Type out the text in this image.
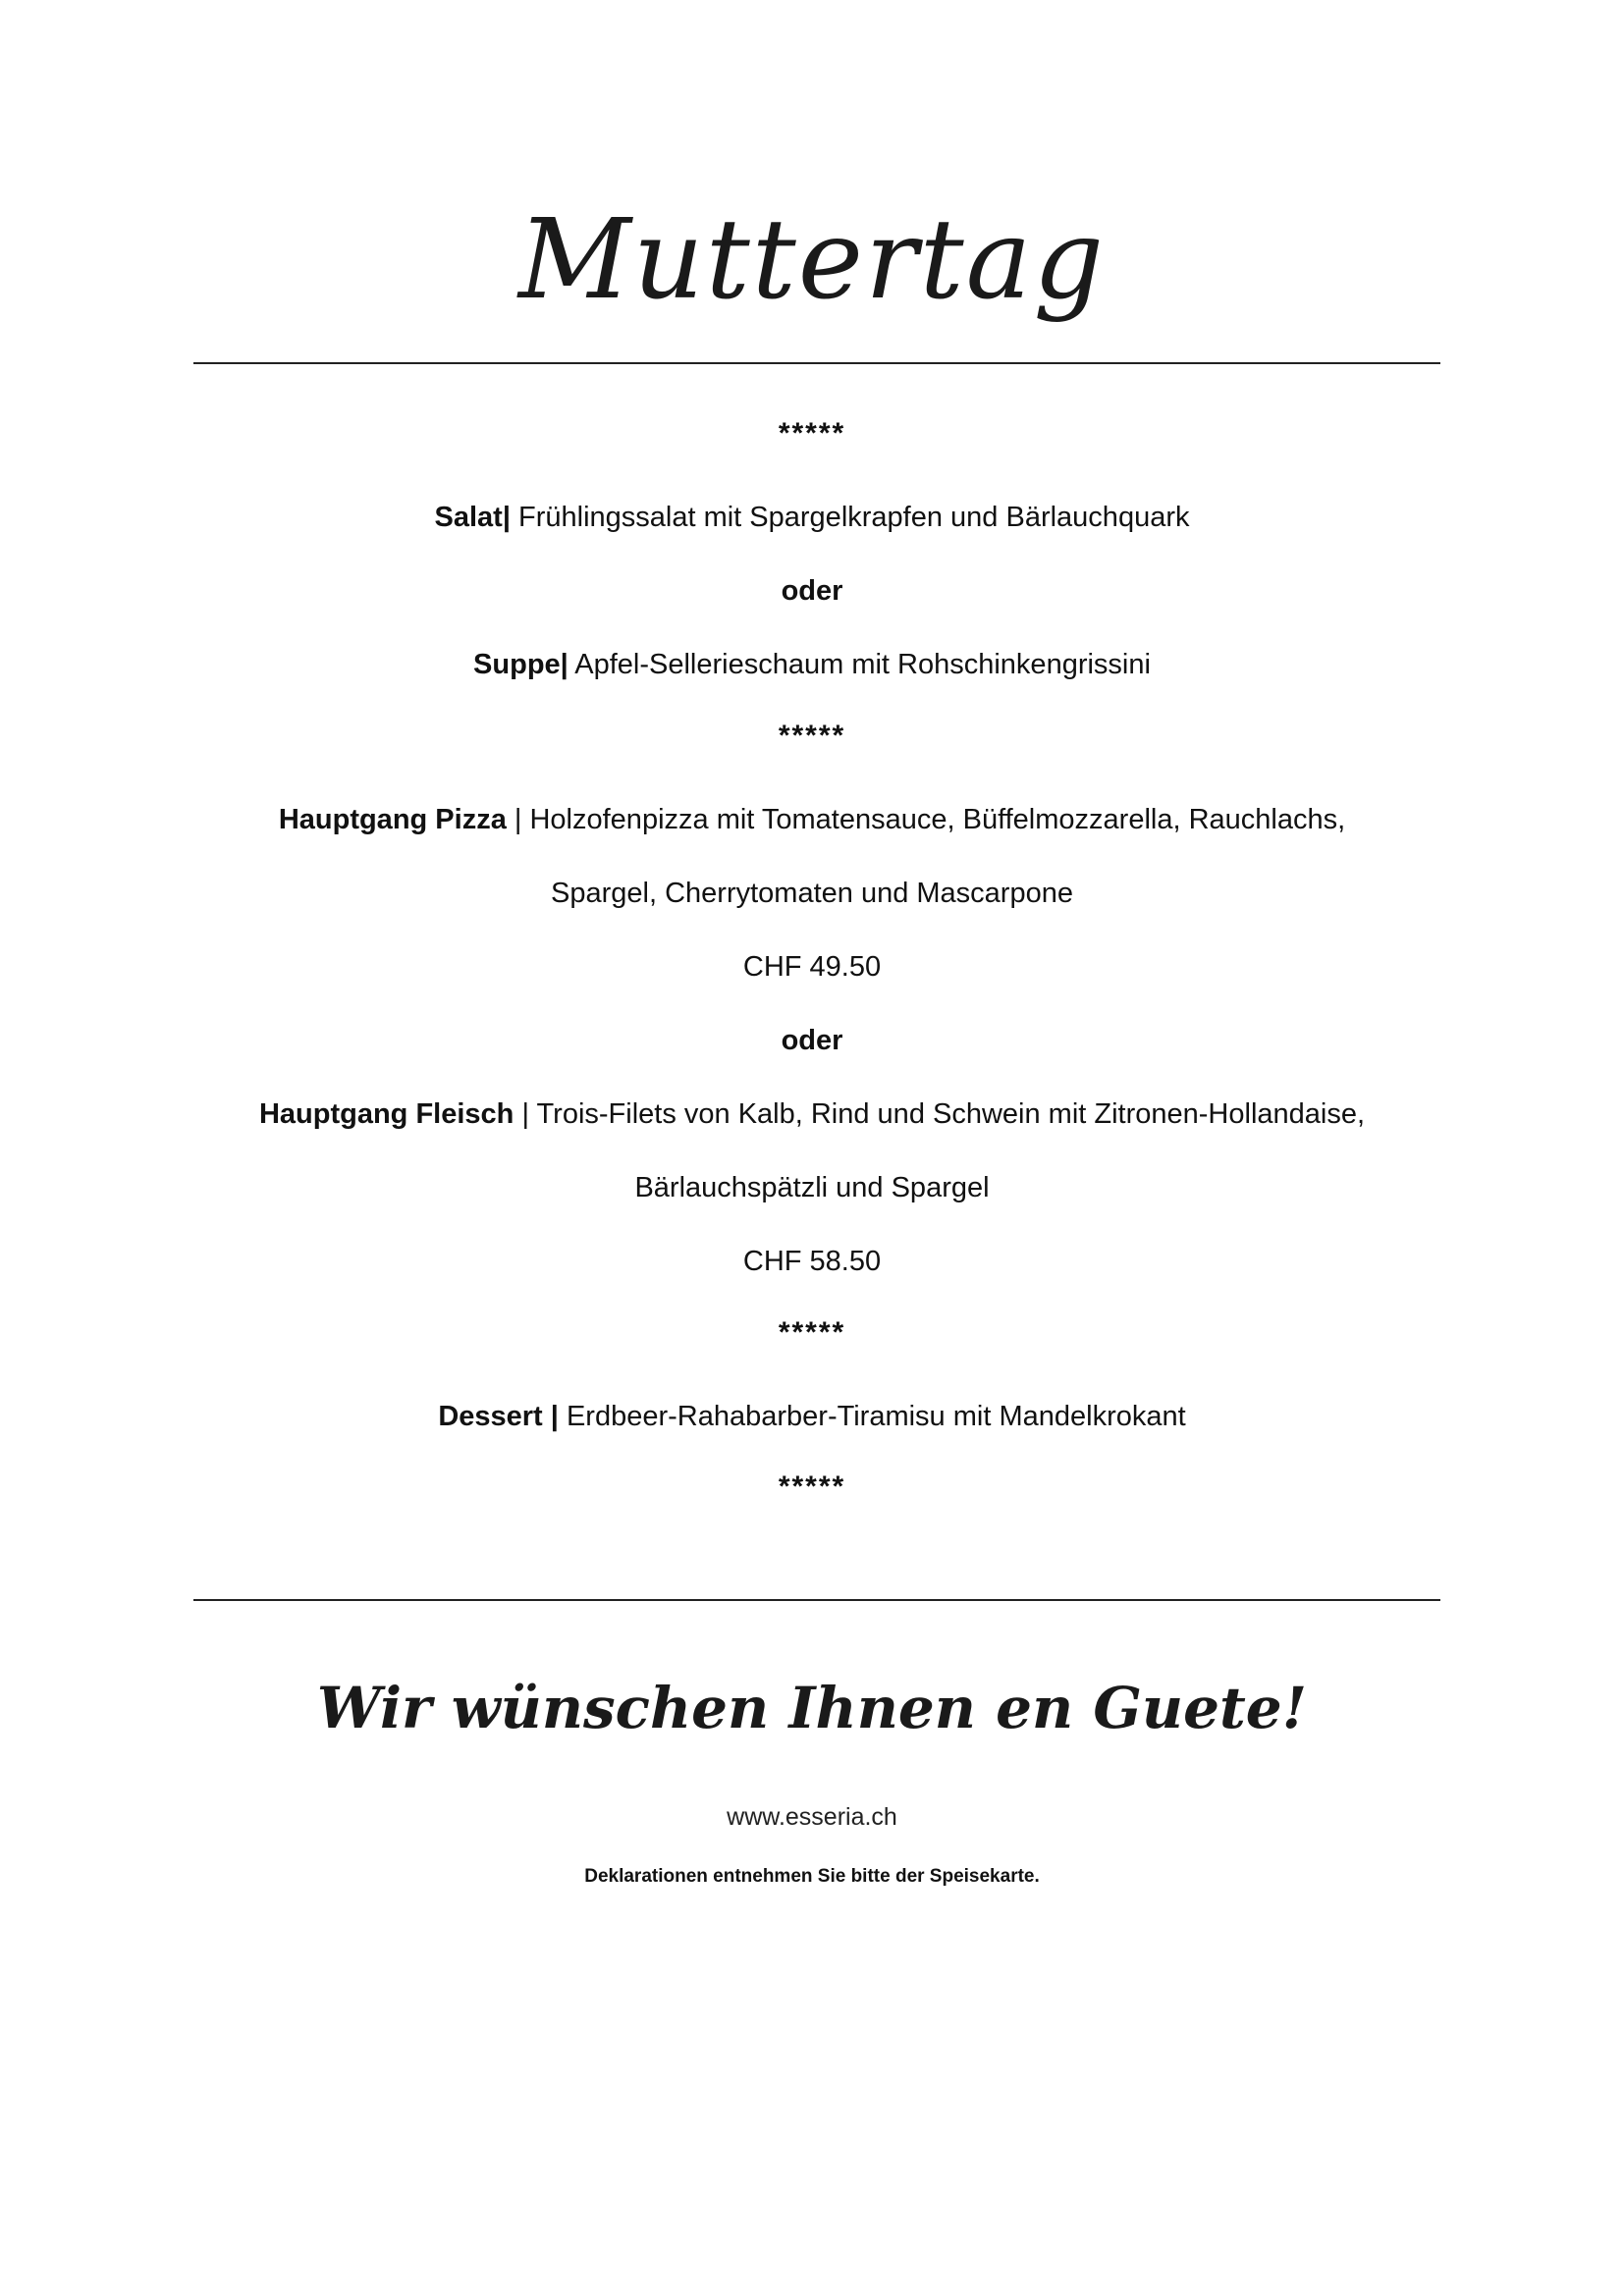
Muttertag
*****
Salat| Frühlingssalat mit Spargelkrapfen und Bärlauchquark
oder
Suppe| Apfel-Sellerieschaum mit Rohschinkengrissini
*****
Hauptgang Pizza | Holzofenpizza mit Tomatensauce, Büffelmozzarella, Rauchlachs,
Spargel, Cherrytomaten und Mascarpone
CHF 49.50
oder
Hauptgang Fleisch | Trois-Filets von Kalb, Rind und Schwein mit Zitronen-Hollandaise,
Bärlauchspätzli und Spargel
CHF 58.50
*****
Dessert | Erdbeer-Rahabarber-Tiramisu mit Mandelkrokant
*****
Wir wünschen Ihnen en Guete!
www.esseria.ch
Deklarationen entnehmen Sie bitte der Speisekarte.
